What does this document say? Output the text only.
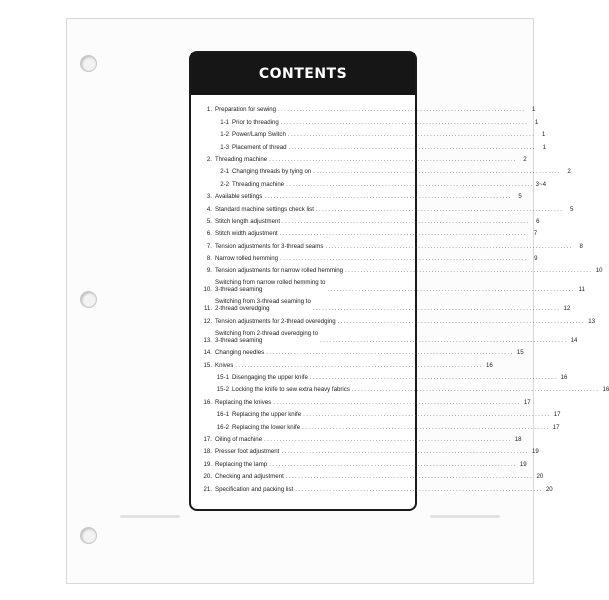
CONTENTS
1. Preparation for sewing ................................................................................	1
1-1 Prior to threading ................................................................................	1
1-2 Power/Lamp Switch ................................................................................	1
1-3 Placement of thread ................................................................................	1
2. Threading machine ................................................................................	2
2-1 Changing threads by tying on ................................................................................	2
2-2 Threading machine ................................................................................ 3~4
3. Available settings ................................................................................	5
4. Standard machine settings check list ................................................................................	5
5. Stitch length adjustment ................................................................................	6
6. Stitch width adjustment ................................................................................	7
7. Tension adjustments for 3-thread seams ................................................................................	8
8. Narrow rolled hemming ................................................................................	9
9. Tension adjustments for narrow rolled hemming ................................................................................ 10
10.
Switching from narrow rolled hemming to
3-thread seaming	................................................................................ 11
11.
Switching from 3-thread seaming to
2-thread overedging	................................................................................ 12
12. Tension adjustments for 2-thread overedging ................................................................................ 13
13.
Switching from 2-thread overedging to
3-thread seaming	................................................................................ 14
14. Changing needles ................................................................................ 15
15. Knives ................................................................................ 16
15-1 Disengaging the upper knife ................................................................................ 16
15-2 Locking the knife to sew extra heavy fabrics ................................................................................ 16
16. Replacing the knives ................................................................................ 17
16-1 Replacing the upper knife ................................................................................ 17
16-2 Replacing the lower knife ................................................................................ 17
17. Oiling of machine ................................................................................ 18
18. Presser foot adjustment ................................................................................ 19
19. Replacing the lamp ................................................................................ 19
20. Checking and adjustment ................................................................................ 20
21. Specification and packing list ................................................................................ 20
